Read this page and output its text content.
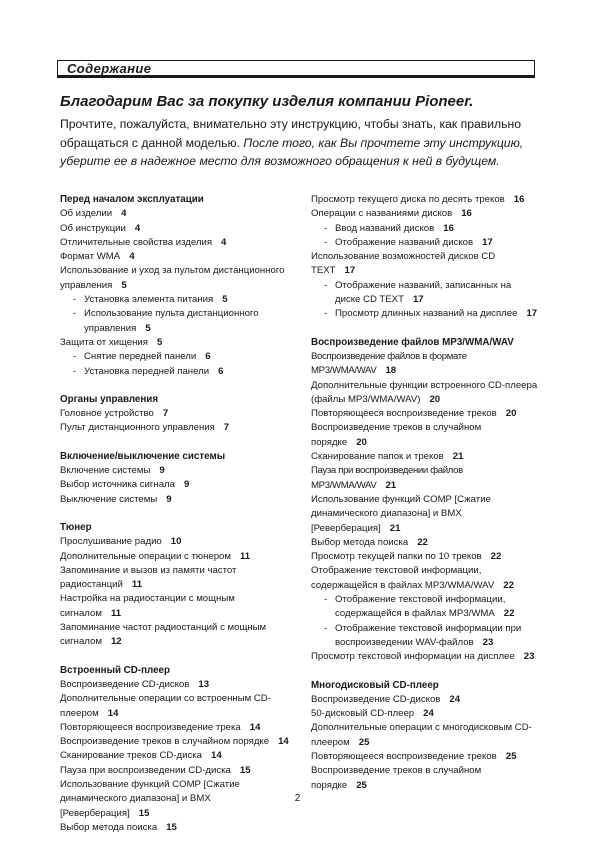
Содержание
Благодарим Вас за покупку изделия компании Pioneer.
Прочтите, пожалуйста, внимательно эту инструкцию, чтобы знать, как правильно обращаться с данной моделью. После того, как Вы прочтете эту инструкцию, уберите ее в надежное место для возможного обращения к ней в будущем.
Перед началом эксплуатации
Об изделии 4
Об инструкции 4
Отличительные свойства изделия 4
Формат WMA 4
Использование и уход за пультом дистанционного управления 5
- Установка элемента питания 5
- Использование пульта дистанционного управления 5
Защита от хищения 5
- Снятие передней панели 6
- Установка передней панели 6
Органы управления
Головное устройство 7
Пульт дистанционного управления 7
Включение/выключение системы
Включение системы 9
Выбор источника сигнала 9
Выключение системы 9
Тюнер
Прослушивание радио 10
Дополнительные операции с тюнером 11
Запоминание и вызов из памяти частот радиостанций 11
Настройка на радиостанции с мощным сигналом 11
Запоминание частот радиостанций с мощным сигналом 12
Встроенный CD-плеер
Воспроизведение CD-дисков 13
Дополнительные операции со встроенным CD-плеером 14
Повторяющееся воспроизведение трека 14
Воспроизведение треков в случайном порядке 14
Сканирование треков CD-диска 14
Пауза при воспроизведении CD-диска 15
Использование функций COMP [Сжатие динамического диапазона] и BMX [Реверберация] 15
Выбор метода поиска 15
Просмотр текущего диска по десять треков 16
Операции с названиями дисков 16
- Ввод названий дисков 16
- Отображение названий дисков 17
Использование возможностей дисков CD TEXT 17
- Отображение названий, записанных на диске CD TEXT 17
- Просмотр длинных названий на дисплее 17
Воспроизведение файлов MP3/WMA/WAV
Воспроизведение файлов в формате MP3/WMA/WAV 18
Дополнительные функции встроенного CD-плеера (файлы MP3/WMA/WAV) 20
Повторяющееся воспроизведение треков 20
Воспроизведение треков в случайном порядке 20
Сканирование папок и треков 21
Пауза при воспроизведении файлов MP3/WMA/WAV 21
Использование функций COMP [Сжатие динамического диапазона] и BMX [Реверберация] 21
Выбор метода поиска 22
Просмотр текущей папки по 10 треков 22
Отображение текстовой информации, содержащейся в файлах MP3/WMA/WAV 22
- Отображение текстовой информации, содержащейся в файлах MP3/WMA 22
- Отображение текстовой информации при воспроизведении WAV-файлов 23
Просмотр текстовой информации на дисплее 23
Многодисковый CD-плеер
Воспроизведение CD-дисков 24
50-дисковый CD-плеер 24
Дополнительные операции с многодисковым CD-плеером 25
Повторяющееся воспроизведение треков 25
Воспроизведение треков в случайном порядке 25
2
